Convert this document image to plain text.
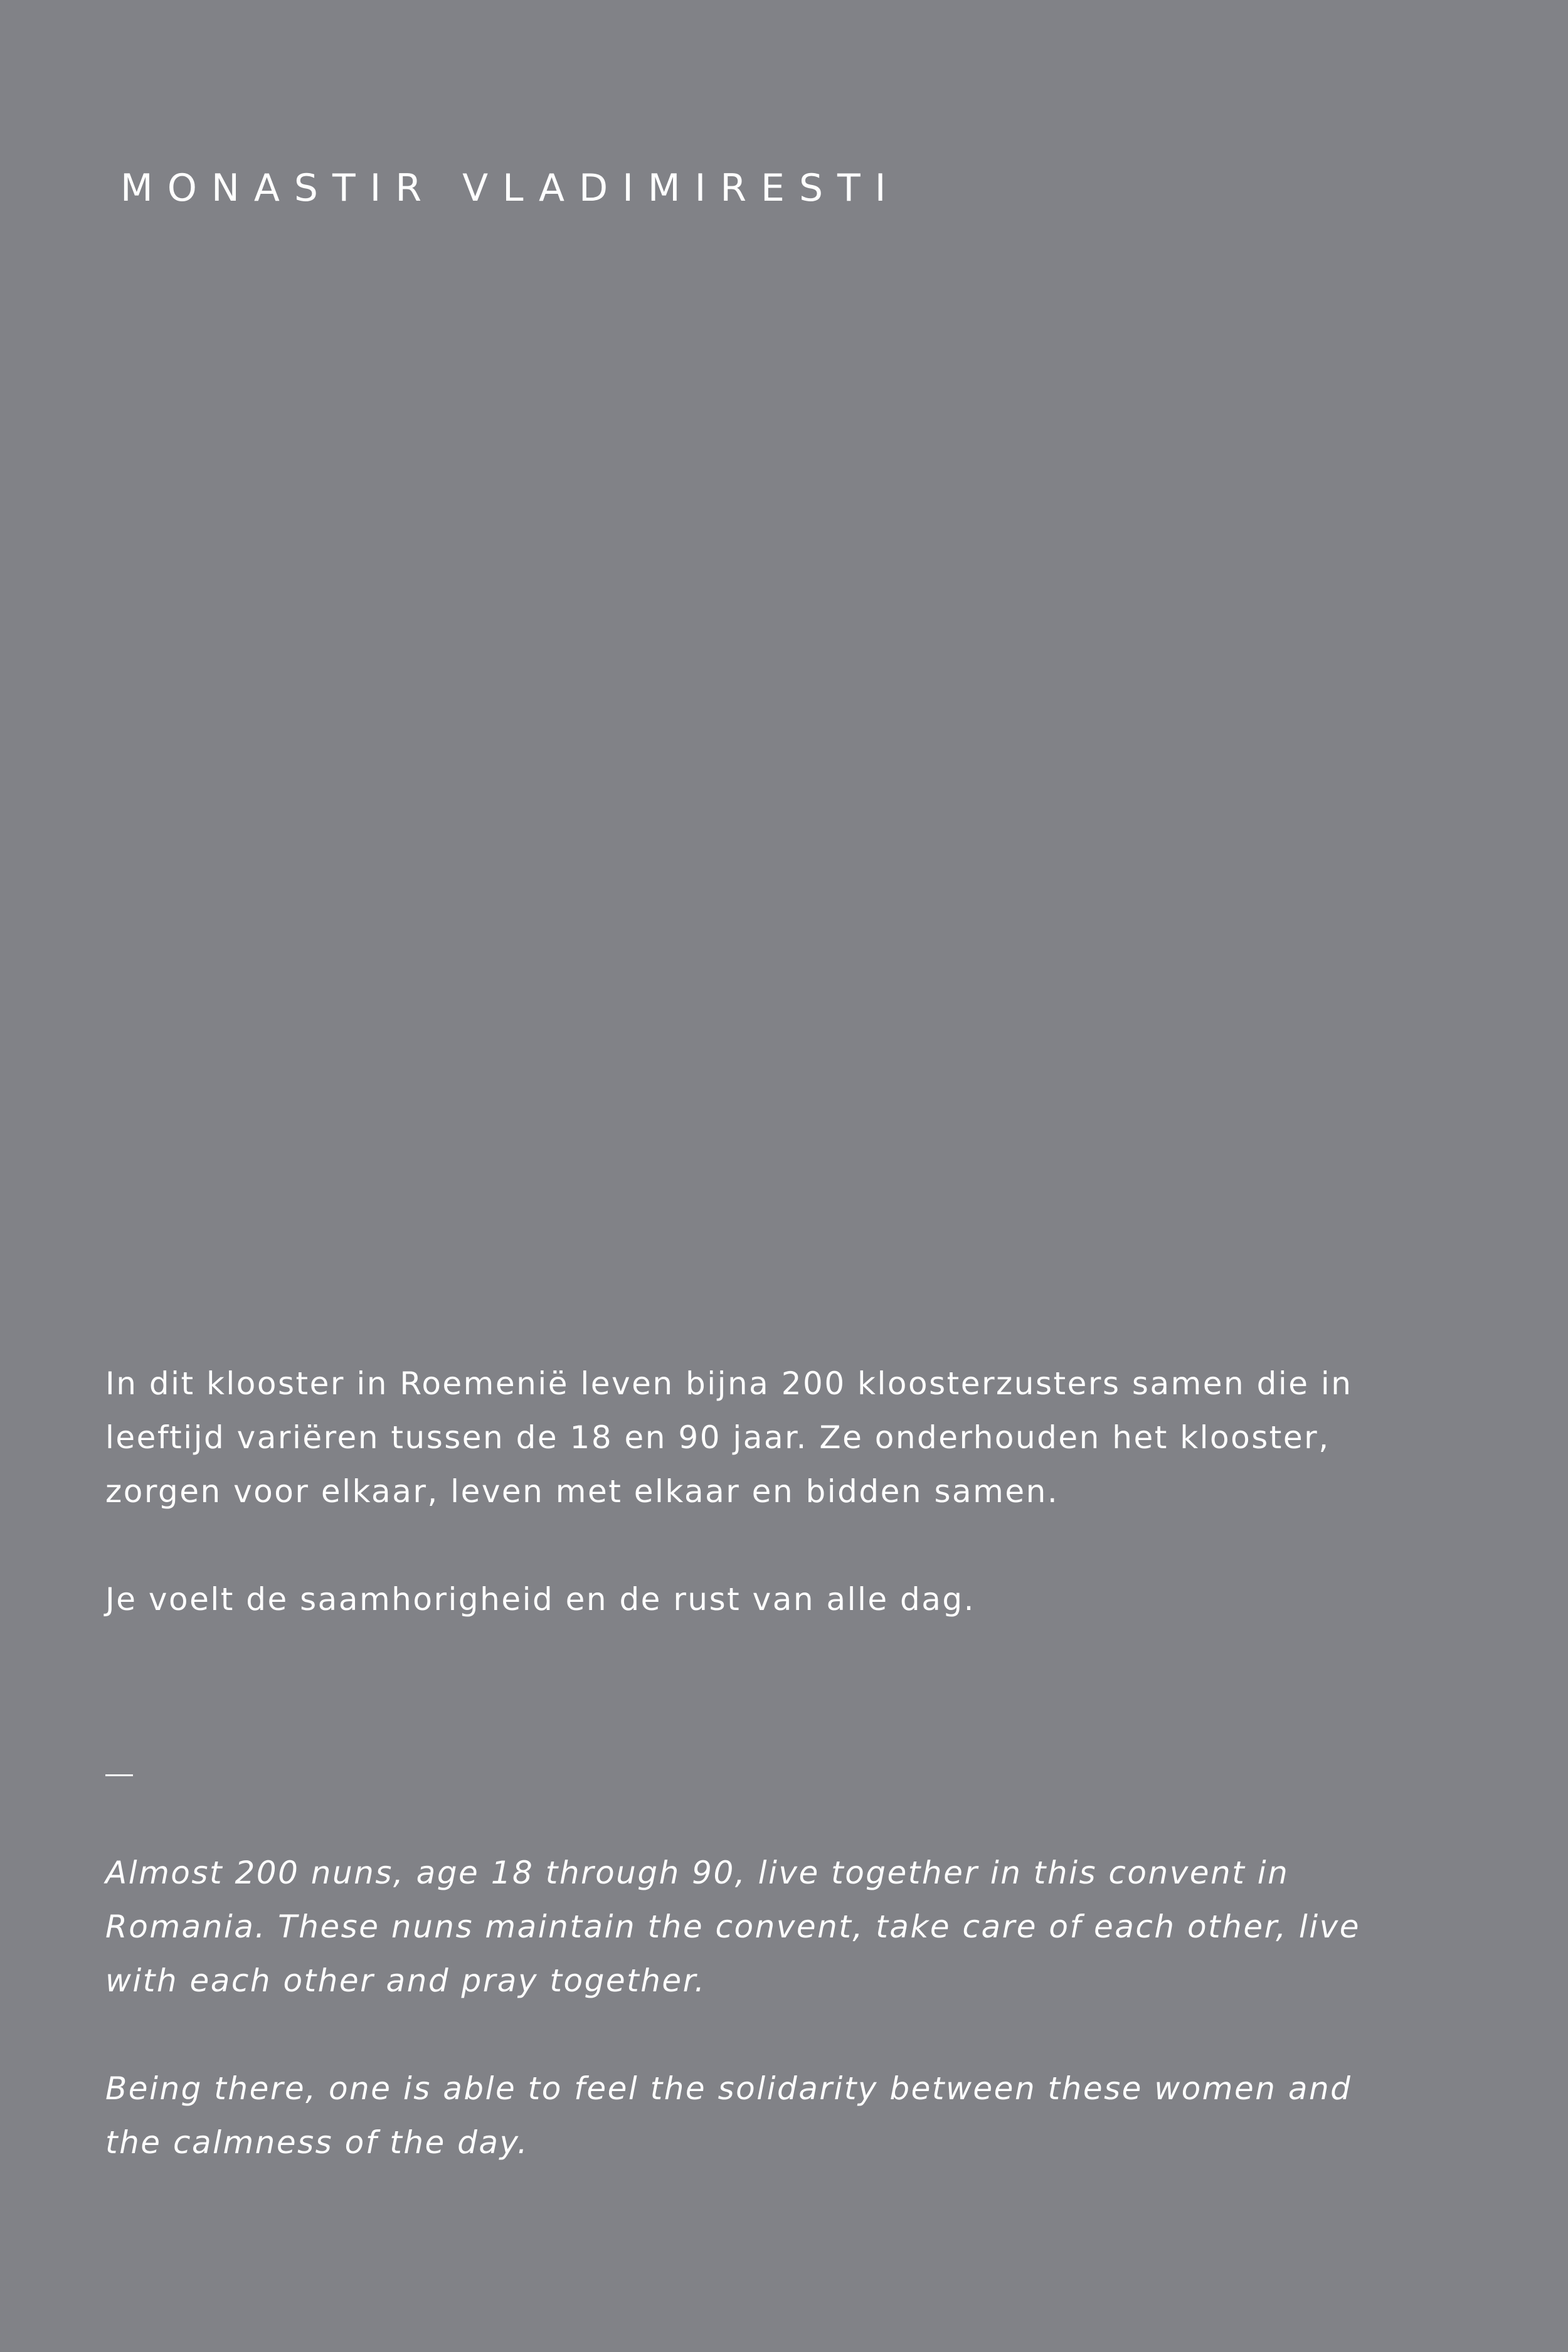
MONASTIR VLADIMIRESTI

In dit klooster in Roemenië leven bijna 200 kloosterzusters samen die in

leeftijd variëren tussen de 18 en 90 jaar. Ze onderhouden het klooster,

zorgen voor elkaar, leven met elkaar en bidden samen.

Je voelt de saamhorigheid en de rust van alle dag.

Almost 200 nuns, age 18 through 90, live together in this convent in

Romania. These nuns maintain the convent, take care of each other, live

with each other and pray together.

Being there, one is able to feel the solidarity between these women and

the calmness of the day.
